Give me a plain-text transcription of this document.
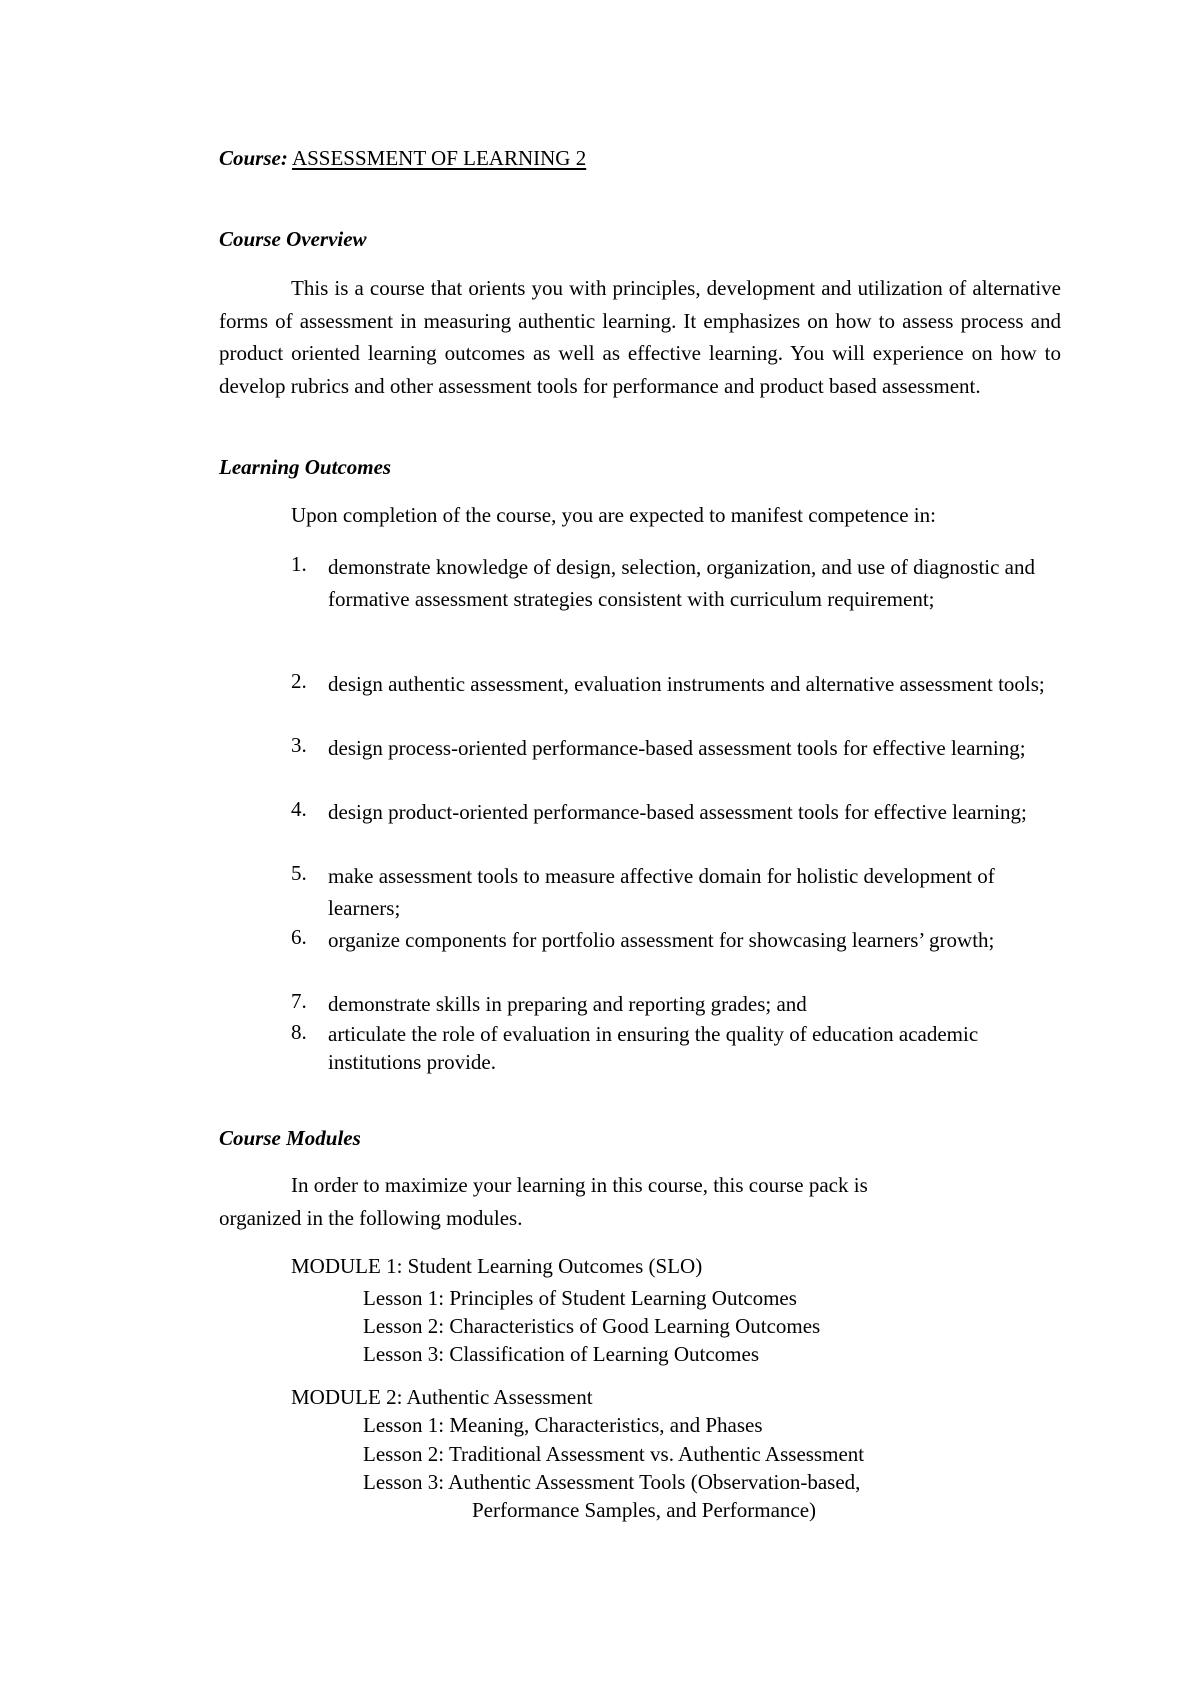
Course: ASSESSMENT OF LEARNING 2
Course Overview

This is a course that orients you with principles, development and utilization of alternative forms of assessment in measuring authentic learning. It emphasizes on how to assess process and product oriented learning outcomes as well as effective learning. You will experience on how to develop rubrics and other assessment tools for performance and product based assessment.

Learning Outcomes
Upon completion of the course, you are expected to manifest competence in:
1. demonstrate knowledge of design, selection, organization, and use of diagnostic and formative assessment strategies consistent with curriculum requirement;
2. design authentic assessment, evaluation instruments and alternative assessment tools;
3. design process-oriented performance-based assessment tools for effective learning;
4. design product-oriented performance-based assessment tools for effective learning;
5. make assessment tools to measure affective domain for holistic development of learners;
6. organize components for portfolio assessment for showcasing learners’ growth;
7. demonstrate skills in preparing and reporting grades; and
8. articulate the role of evaluation in ensuring the quality of education academic institutions provide.
Course Modules
In order to maximize your learning in this course, this course pack is
organized in the following modules.
MODULE 1: Student Learning Outcomes (SLO)
Lesson 1: Principles of Student Learning Outcomes
Lesson 2: Characteristics of Good Learning Outcomes
Lesson 3: Classification of Learning Outcomes
MODULE 2: Authentic Assessment
Lesson 1: Meaning, Characteristics, and Phases
Lesson 2: Traditional Assessment vs. Authentic Assessment
Lesson 3: Authentic Assessment Tools (Observation-based,
Performance Samples, and Performance)
